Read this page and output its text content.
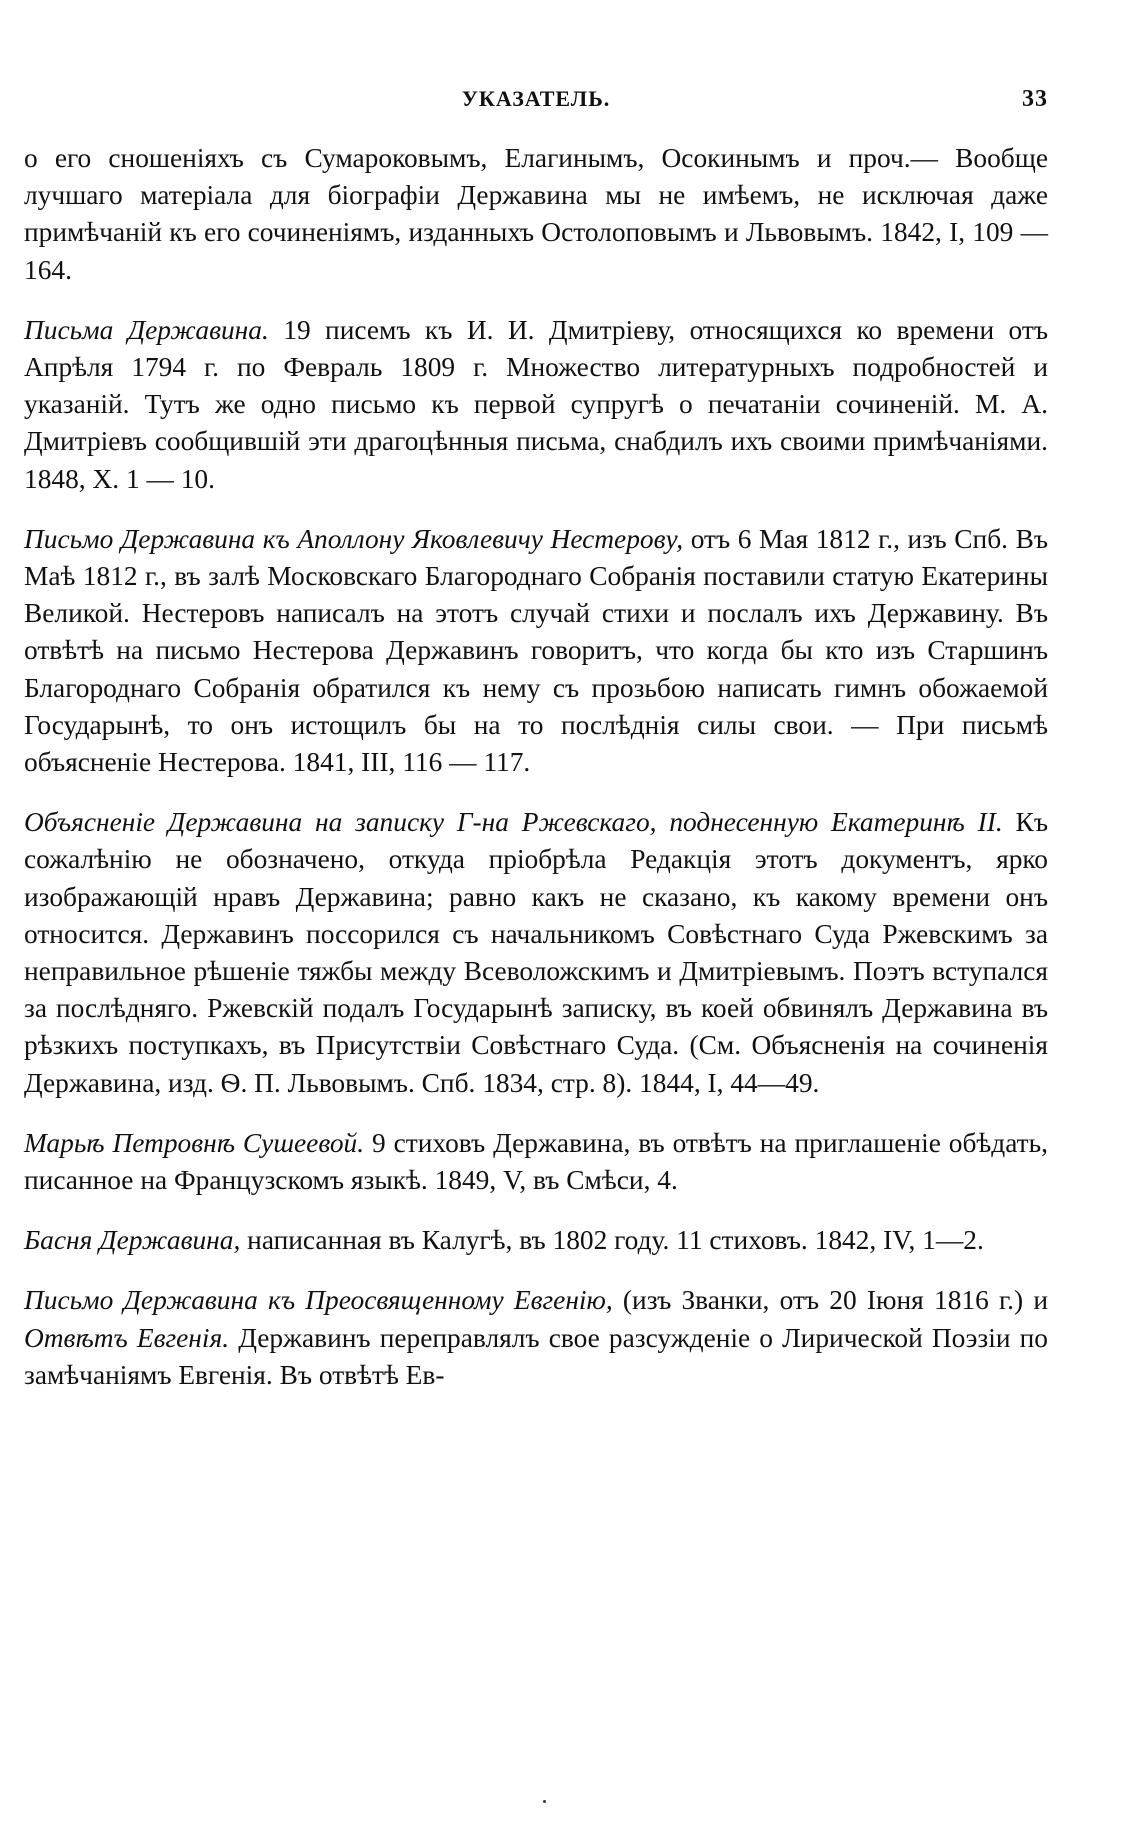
УКАЗАТЕЛЬ.	33

о его сношеніяхъ съ Сумароковымъ, Елагинымъ, Осокинымъ и проч.— Вообще лучшаго матеріала для біографіи Державина мы не имѣемъ, не исключая даже примѣчаній къ его сочиненіямъ, изданныхъ Остолоповымъ и Львовымъ. 1842, I, 109 — 164.

Письма Державина. 19 писемъ къ И. И. Дмитріеву, относящихся ко времени отъ Апрѣля 1794 г. по Февраль 1809 г. Множество литературныхъ подробностей и указаній. Тутъ же одно письмо къ первой супругѣ о печатаніи сочиненій. М. А. Дмитріевъ сообщившій эти драгоцѣнныя письма, снабдилъ ихъ своими примѣчаніями. 1848, X. 1 — 10.

Письмо Державина къ Аполлону Яковлевичу Нестерову, отъ 6 Мая 1812 г., изъ Спб. Въ Маѣ 1812 г., въ залѣ Московскаго Благороднаго Собранія поставили статую Екатерины Великой. Нестеровъ написалъ на этотъ случай стихи и послалъ ихъ Державину. Въ отвѣтѣ на письмо Нестерова Державинъ говоритъ, что когда бы кто изъ Старшинъ Благороднаго Собранія обратился къ нему съ прозьбою написать гимнъ обожаемой Государынѣ, то онъ истощилъ бы на то послѣднія силы свои. — При письмѣ объясненіе Нестерова. 1841, III, 116 — 117.

Объясненіе Державина на записку Г-на Ржевскаго, поднесенную Екатеринѣ II. Къ сожалѣнію не обозначено, откуда пріобрѣла Редакція этотъ документъ, ярко изображающій нравъ Державина; равно какъ не сказано, къ какому времени онъ относится. Державинъ поссорился съ начальникомъ Совѣстнаго Суда Ржевскимъ за неправильное рѣшеніе тяжбы между Всеволожскимъ и Дмитріевымъ. Поэтъ вступался за послѣдняго. Ржевскій подалъ Государынѣ записку, въ коей обвинялъ Державина въ рѣзкихъ поступкахъ, въ Присутствіи Совѣстнаго Суда. (См. Объясненія на сочиненія Державина, изд. Ѳ. П. Львовымъ. Спб. 1834, стр. 8). 1844, I, 44—49.

Марьѣ Петровнѣ Сушеевой. 9 стиховъ Державина, въ отвѣтъ на приглашеніе обѣдать, писанное на Французскомъ языкѣ. 1849, V, въ Смѣси, 4.

Басня Державина, написанная въ Калугѣ, въ 1802 году. 11 стиховъ. 1842, IV, 1—2.

Письмо Державина къ Преосвященному Евгенію, (изъ Званки, отъ 20 Іюня 1816 г.) и Отвѣтъ Евгенія. Державинъ переправлялъ свое разсужденіе о Лирической Поэзіи по замѣчаніямъ Евгенія. Въ отвѣтѣ Ев-
